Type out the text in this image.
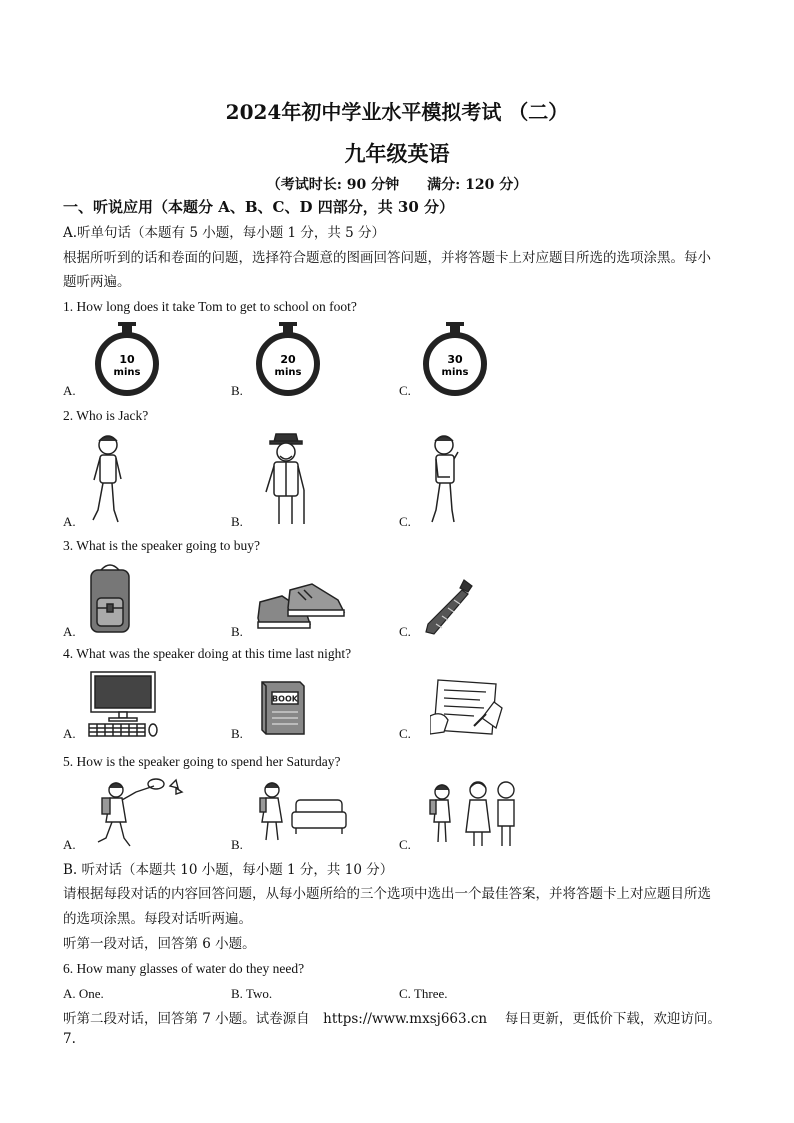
2024年初中学业水平模拟考试 （二）
九年级英语
（考试时长: 90 分钟　　满分: 120 分）
一、听说应用（本题分 A、B、C、D 四部分，共 30 分）
A.听单句话（本题有 5 小题，每小题 1 分，共 5 分）
根据所听到的话和卷面的问题，选择符合题意的图画回答问题，并将答题卡上对应题目所选的选项涂黑。每小
题听两遍。
1. How long does it take Tom to get to school on foot?
10
mins
20
mins
30
mins
A.	B.	C.
2. Who is Jack?
A.	B.	C.
3. What is the speaker going to buy?
A.	B.	C.
4. What was the speaker doing at this time last night?
BOOK
A.	B.	C.
5. How is the speaker going to spend her Saturday?
A.	B.	C.
B. 听对话（本题共 10 小题，每小题 1 分，共 10 分）
请根据每段对话的内容回答问题，从每小题所给的三个选项中选出一个最佳答案，并将答题卡上对应题目所选
的选项涂黑。每段对话听两遍。
听第一段对话，回答第 6 小题。
6. How many glasses of water do they need?
A. One.	B. Two.	C. Three.
听第二段对话，回答第 7 小题。试卷源自　https://www.mxsj663.cn　 每日更新，更低价下载，欢迎访问。7.
